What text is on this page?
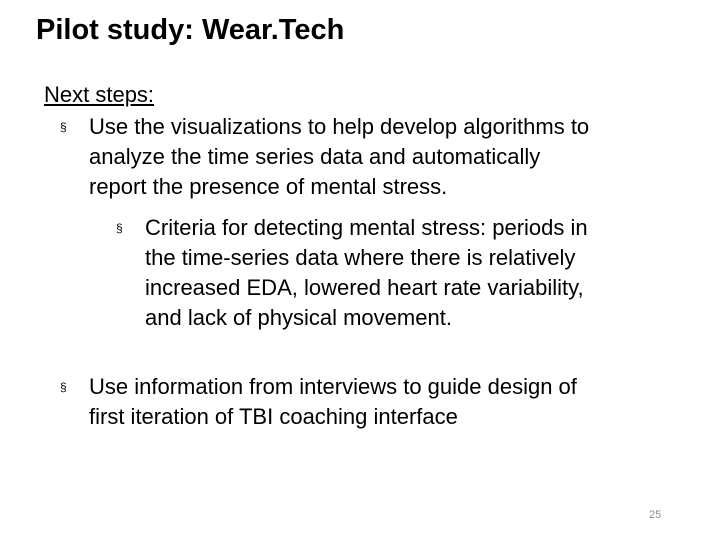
Pilot study: Wear.Tech
Next steps:
§ Use the visualizations to help develop algorithms to
analyze the time series data and automatically
report the presence of mental stress.
§ Criteria for detecting mental stress: periods in
the time-series data where there is relatively
increased EDA, lowered heart rate variability,
and lack of physical movement.
§ Use information from interviews to guide design of
first iteration of TBI coaching interface
25
